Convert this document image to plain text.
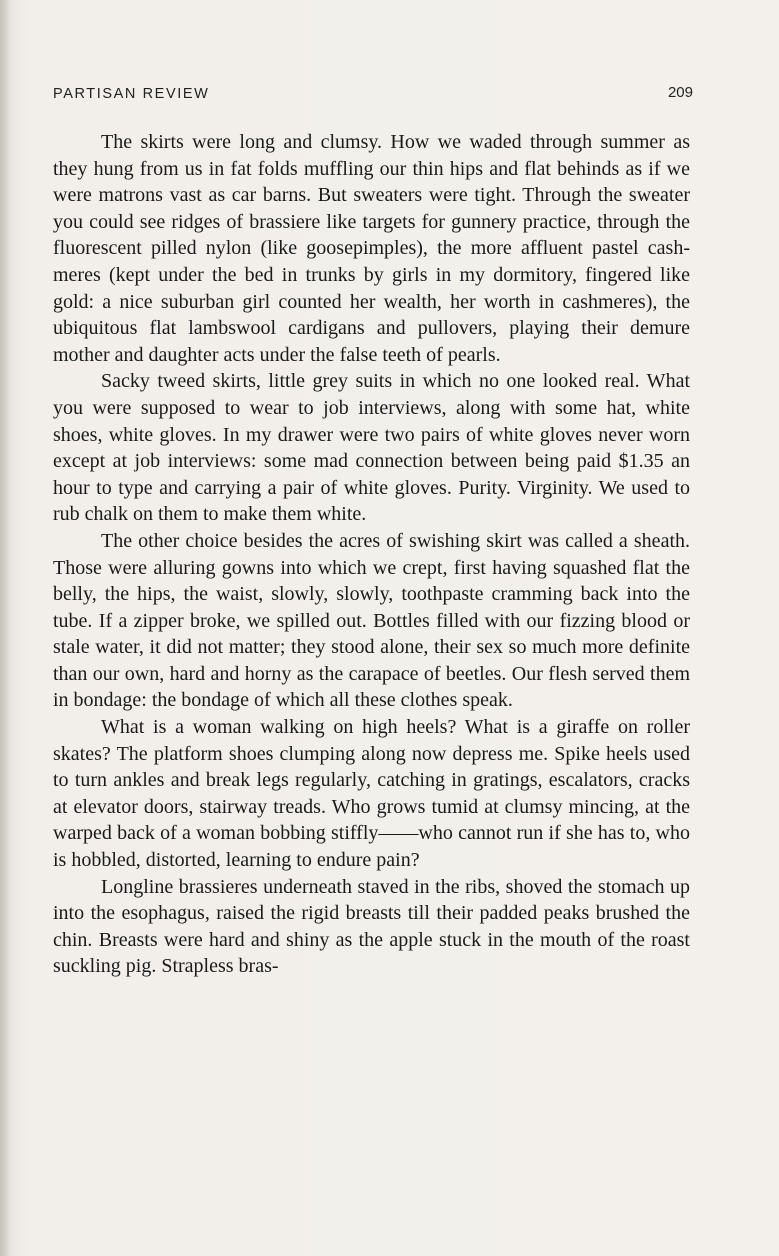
PARTISAN REVIEW	209

The skirts were long and clumsy. How we waded through summer as they hung from us in fat folds muffling our thin hips and flat behinds as if we were matrons vast as car barns. But sweaters were tight. Through the sweater you could see ridges of brassiere like targets for gunnery practice, through the fluorescent pilled nylon (like goosepimples), the more affluent pastel cashmeres (kept under the bed in trunks by girls in my dormitory, fingered like gold: a nice suburban girl counted her wealth, her worth in cashmeres), the ubiquitous flat lambswool cardigans and pullovers, playing their demure mother and daughter acts under the false teeth of pearls.

Sacky tweed skirts, little grey suits in which no one looked real. What you were supposed to wear to job interviews, along with some hat, white shoes, white gloves. In my drawer were two pairs of white gloves never worn except at job interviews: some mad connection between being paid $1.35 an hour to type and carrying a pair of white gloves. Purity. Virginity. We used to rub chalk on them to make them white.

The other choice besides the acres of swishing skirt was called a sheath. Those were alluring gowns into which we crept, first having squashed flat the belly, the hips, the waist, slowly, slowly, toothpaste cramming back into the tube. If a zipper broke, we spilled out. Bottles filled with our fizzing blood or stale water, it did not matter; they stood alone, their sex so much more definite than our own, hard and horny as the carapace of beetles. Our flesh served them in bondage: the bondage of which all these clothes speak.

What is a woman walking on high heels? What is a giraffe on roller skates? The platform shoes clumping along now depress me. Spike heels used to turn ankles and break legs regularly, catching in gratings, escalators, cracks at elevator doors, stairway treads. Who grows tumid at clumsy mincing, at the warped back of a woman bobbing stiffly——who cannot run if she has to, who is hobbled, distorted, learning to endure pain?

Longline brassieres underneath staved in the ribs, shoved the stomach up into the esophagus, raised the rigid breasts till their padded peaks brushed the chin. Breasts were hard and shiny as the apple stuck in the mouth of the roast suckling pig. Strapless bras-
